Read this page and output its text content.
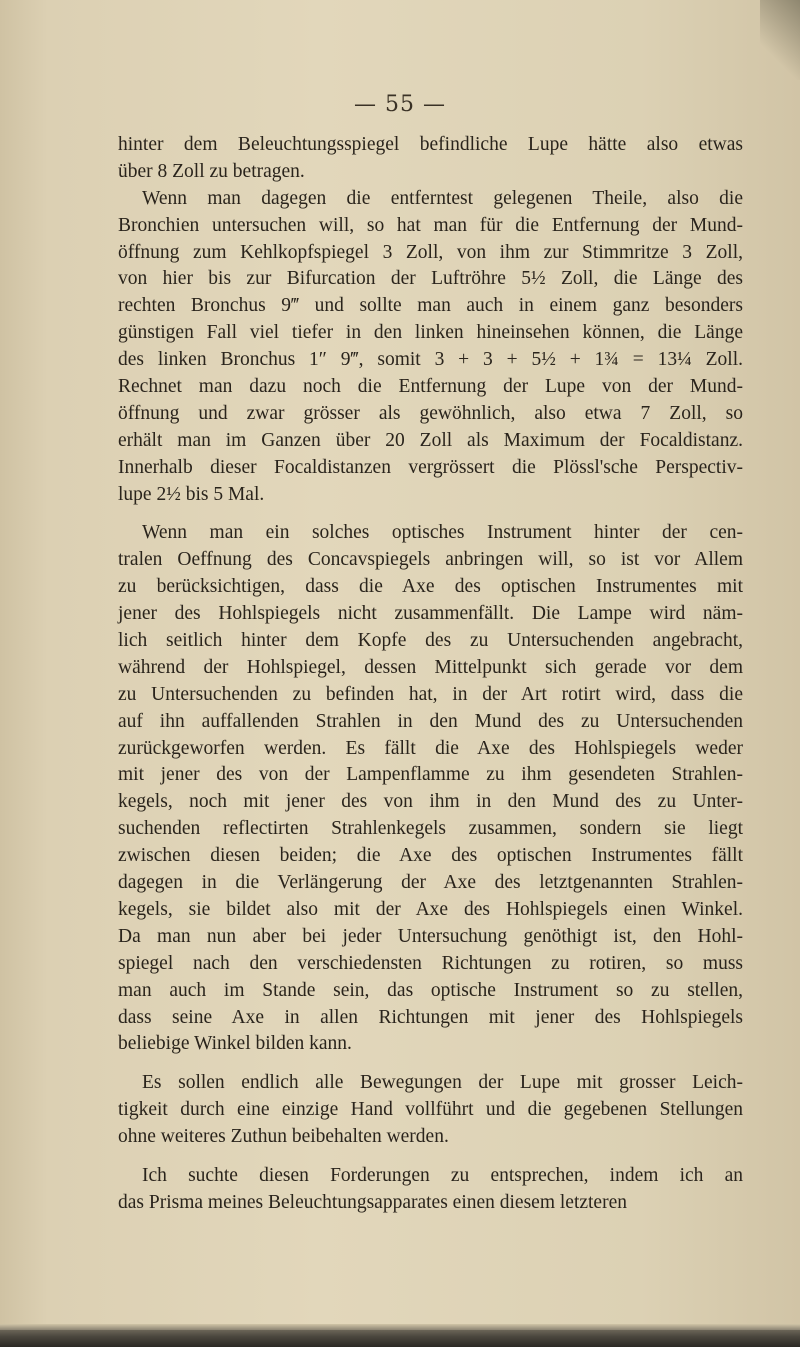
— 55 —
hinter dem Beleuchtungsspiegel befindliche Lupe hätte also etwas
über 8 Zoll zu betragen.
Wenn man dagegen die entferntest gelegenen Theile, also die
Bronchien untersuchen will, so hat man für die Entfernung der Mund-
öffnung zum Kehlkopfspiegel 3 Zoll, von ihm zur Stimmritze 3 Zoll,
von hier bis zur Bifurcation der Luftröhre 5½ Zoll, die Länge des
rechten Bronchus 9‴ und sollte man auch in einem ganz besonders
günstigen Fall viel tiefer in den linken hineinsehen können, die Länge
des linken Bronchus 1″ 9‴, somit 3 + 3 + 5½ + 1¾ = 13¼ Zoll.
Rechnet man dazu noch die Entfernung der Lupe von der Mund-
öffnung und zwar grösser als gewöhnlich, also etwa 7 Zoll, so
erhält man im Ganzen über 20 Zoll als Maximum der Focaldistanz.
Innerhalb dieser Focaldistanzen vergrössert die Plössl'sche Perspectiv-
lupe 2½ bis 5 Mal.
Wenn man ein solches optisches Instrument hinter der cen-
tralen Oeffnung des Concavspiegels anbringen will, so ist vor Allem
zu berücksichtigen, dass die Axe des optischen Instrumentes mit
jener des Hohlspiegels nicht zusammenfällt. Die Lampe wird näm-
lich seitlich hinter dem Kopfe des zu Untersuchenden angebracht,
während der Hohlspiegel, dessen Mittelpunkt sich gerade vor dem
zu Untersuchenden zu befinden hat, in der Art rotirt wird, dass die
auf ihn auffallenden Strahlen in den Mund des zu Untersuchenden
zurückgeworfen werden. Es fällt die Axe des Hohlspiegels weder
mit jener des von der Lampenflamme zu ihm gesendeten Strahlen-
kegels, noch mit jener des von ihm in den Mund des zu Unter-
suchenden reflectirten Strahlenkegels zusammen, sondern sie liegt
zwischen diesen beiden; die Axe des optischen Instrumentes fällt
dagegen in die Verlängerung der Axe des letztgenannten Strahlen-
kegels, sie bildet also mit der Axe des Hohlspiegels einen Winkel.
Da man nun aber bei jeder Untersuchung genöthigt ist, den Hohl-
spiegel nach den verschiedensten Richtungen zu rotiren, so muss
man auch im Stande sein, das optische Instrument so zu stellen,
dass seine Axe in allen Richtungen mit jener des Hohlspiegels
beliebige Winkel bilden kann.
Es sollen endlich alle Bewegungen der Lupe mit grosser Leich-
tigkeit durch eine einzige Hand vollführt und die gegebenen Stellungen
ohne weiteres Zuthun beibehalten werden.
Ich suchte diesen Forderungen zu entsprechen, indem ich an
das Prisma meines Beleuchtungsapparates einen diesem letzteren
